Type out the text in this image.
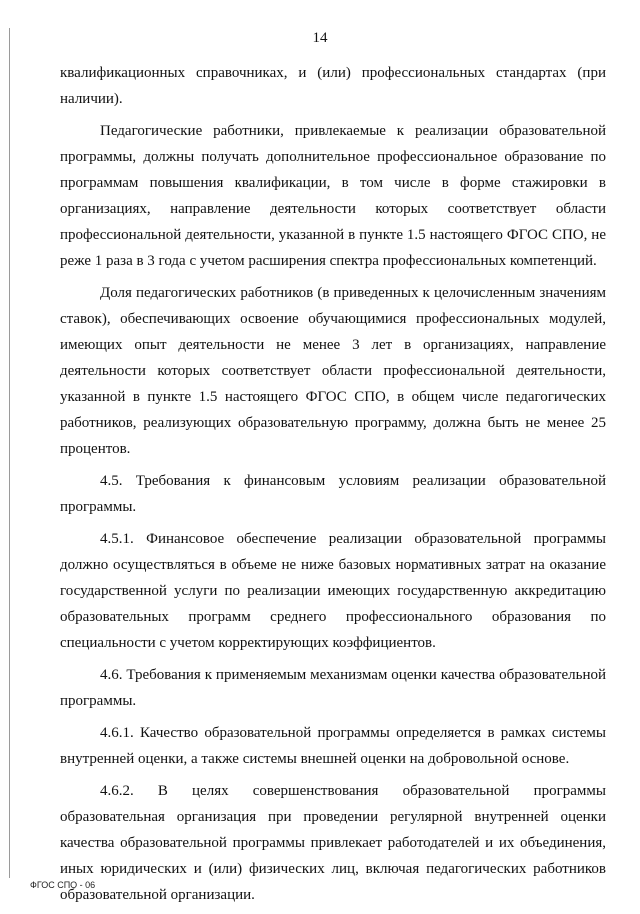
14

квалификационных справочниках, и (или) профессиональных стандартах (при наличии).

Педагогические работники, привлекаемые к реализации образовательной программы, должны получать дополнительное профессиональное образование по программам повышения квалификации, в том числе в форме стажировки в организациях, направление деятельности которых соответствует области профессиональной деятельности, указанной в пункте 1.5 настоящего ФГОС СПО, не реже 1 раза в 3 года с учетом расширения спектра профессиональных компетенций.

Доля педагогических работников (в приведенных к целочисленным значениям ставок), обеспечивающих освоение обучающимися профессиональных модулей, имеющих опыт деятельности не менее 3 лет в организациях, направление деятельности которых соответствует области профессиональной деятельности, указанной в пункте 1.5 настоящего ФГОС СПО, в общем числе педагогических работников, реализующих образовательную программу, должна быть не менее 25 процентов.

4.5. Требования к финансовым условиям реализации образовательной программы.

4.5.1. Финансовое обеспечение реализации образовательной программы должно осуществляться в объеме не ниже базовых нормативных затрат на оказание государственной услуги по реализации имеющих государственную аккредитацию образовательных программ среднего профессионального образования по специальности с учетом корректирующих коэффициентов.

4.6. Требования к применяемым механизмам оценки качества образовательной программы.

4.6.1. Качество образовательной программы определяется в рамках системы внутренней оценки, а также системы внешней оценки на добровольной основе.

4.6.2. В целях совершенствования образовательной программы образовательная организация при проведении регулярной внутренней оценки качества образовательной программы привлекает работодателей и их объединения, иных юридических и (или) физических лиц, включая педагогических работников образовательной организации.

ФГОС СПО - 06
